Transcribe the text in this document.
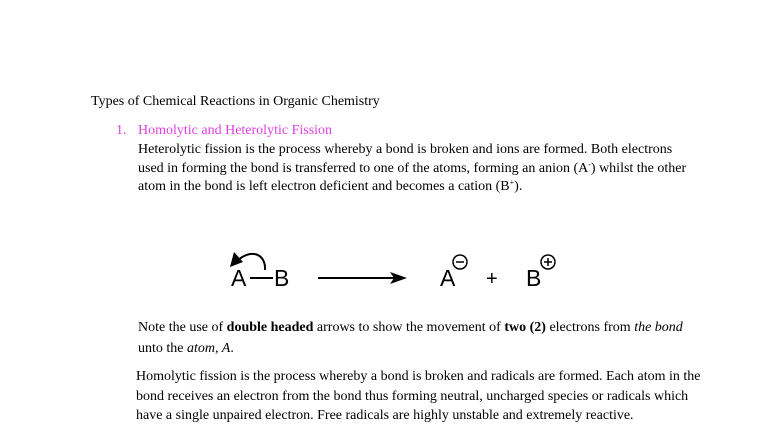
Types of Chemical Reactions in Organic Chemistry
1. Homolytic and Heterolytic Fission
Heterolytic fission is the process whereby a bond is broken and ions are formed. Both electrons used in forming the bond is transferred to one of the atoms, forming an anion (A-) whilst the other atom in the bond is left electron deficient and becomes a cation (B+).
A B	A + B
Note the use of double headed arrows to show the movement of two (2) electrons from the bond unto the atom, A.
Homolytic fission is the process whereby a bond is broken and radicals are formed. Each atom in the bond receives an electron from the bond thus forming neutral, uncharged species or radicals which have a single unpaired electron. Free radicals are highly unstable and extremely reactive.
